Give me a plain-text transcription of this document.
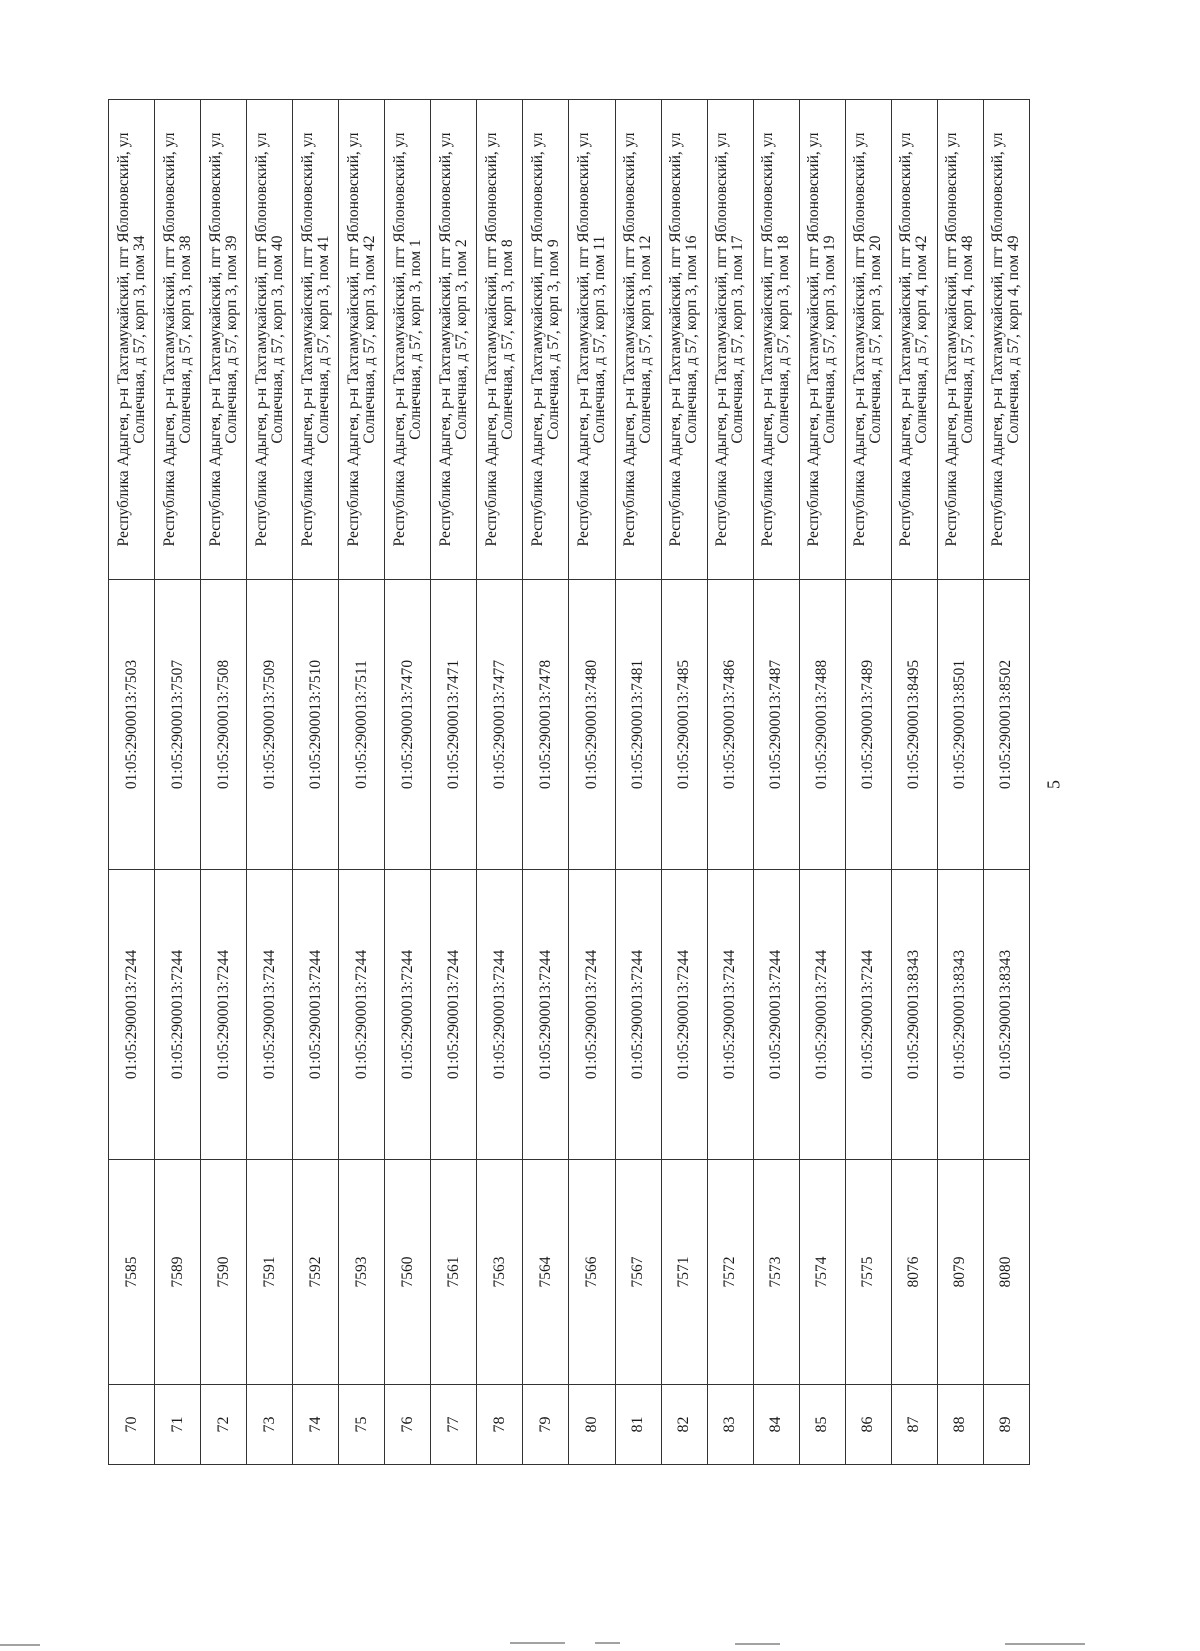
70	7585	01:05:2900013:7244	01:05:2900013:7503	Республика Адыгея, р-н Тахтамукайский, пгт Яблоновский, ул Солнечная, д 57, корп 3, пом 34
71	7589	01:05:2900013:7244	01:05:2900013:7507	Республика Адыгея, р-н Тахтамукайский, пгт Яблоновский, ул Солнечная, д 57, корп 3, пом 38
72	7590	01:05:2900013:7244	01:05:2900013:7508	Республика Адыгея, р-н Тахтамукайский, пгт Яблоновский, ул Солнечная, д 57, корп 3, пом 39
73	7591	01:05:2900013:7244	01:05:2900013:7509	Республика Адыгея, р-н Тахтамукайский, пгт Яблоновский, ул Солнечная, д 57, корп 3, пом 40
74	7592	01:05:2900013:7244	01:05:2900013:7510	Республика Адыгея, р-н Тахтамукайский, пгт Яблоновский, ул Солнечная, д 57, корп 3, пом 41
75	7593	01:05:2900013:7244	01:05:2900013:7511	Республика Адыгея, р-н Тахтамукайский, пгт Яблоновский, ул Солнечная, д 57, корп 3, пом 42
76	7560	01:05:2900013:7244	01:05:2900013:7470	Республика Адыгея, р-н Тахтамукайский, пгт Яблоновский, ул Солнечная, д 57, корп 3, пом 1
77	7561	01:05:2900013:7244	01:05:2900013:7471	Республика Адыгея, р-н Тахтамукайский, пгт Яблоновский, ул Солнечная, д 57, корп 3, пом 2
78	7563	01:05:2900013:7244	01:05:2900013:7477	Республика Адыгея, р-н Тахтамукайский, пгт Яблоновский, ул Солнечная, д 57, корп 3, пом 8
79	7564	01:05:2900013:7244	01:05:2900013:7478	Республика Адыгея, р-н Тахтамукайский, пгт Яблоновский, ул Солнечная, д 57, корп 3, пом 9
80	7566	01:05:2900013:7244	01:05:2900013:7480	Республика Адыгея, р-н Тахтамукайский, пгт Яблоновский, ул Солнечная, д 57, корп 3, пом 11
81	7567	01:05:2900013:7244	01:05:2900013:7481	Республика Адыгея, р-н Тахтамукайский, пгт Яблоновский, ул Солнечная, д 57, корп 3, пом 12
82	7571	01:05:2900013:7244	01:05:2900013:7485	Республика Адыгея, р-н Тахтамукайский, пгт Яблоновский, ул Солнечная, д 57, корп 3, пом 16
83	7572	01:05:2900013:7244	01:05:2900013:7486	Республика Адыгея, р-н Тахтамукайский, пгт Яблоновский, ул Солнечная, д 57, корп 3, пом 17
84	7573	01:05:2900013:7244	01:05:2900013:7487	Республика Адыгея, р-н Тахтамукайский, пгт Яблоновский, ул Солнечная, д 57, корп 3, пом 18
85	7574	01:05:2900013:7244	01:05:2900013:7488	Республика Адыгея, р-н Тахтамукайский, пгт Яблоновский, ул Солнечная, д 57, корп 3, пом 19
86	7575	01:05:2900013:7244	01:05:2900013:7489	Республика Адыгея, р-н Тахтамукайский, пгт Яблоновский, ул Солнечная, д 57, корп 3, пом 20
87	8076	01:05:2900013:8343	01:05:2900013:8495	Республика Адыгея, р-н Тахтамукайский, пгт Яблоновский, ул Солнечная, д 57, корп 4, пом 42
88	8079	01:05:2900013:8343	01:05:2900013:8501	Республика Адыгея, р-н Тахтамукайский, пгт Яблоновский, ул Солнечная, д 57, корп 4, пом 48
89	8080	01:05:2900013:8343	01:05:2900013:8502	Республика Адыгея, р-н Тахтамукайский, пгт Яблоновский, ул Солнечная, д 57, корп 4, пом 49
5
